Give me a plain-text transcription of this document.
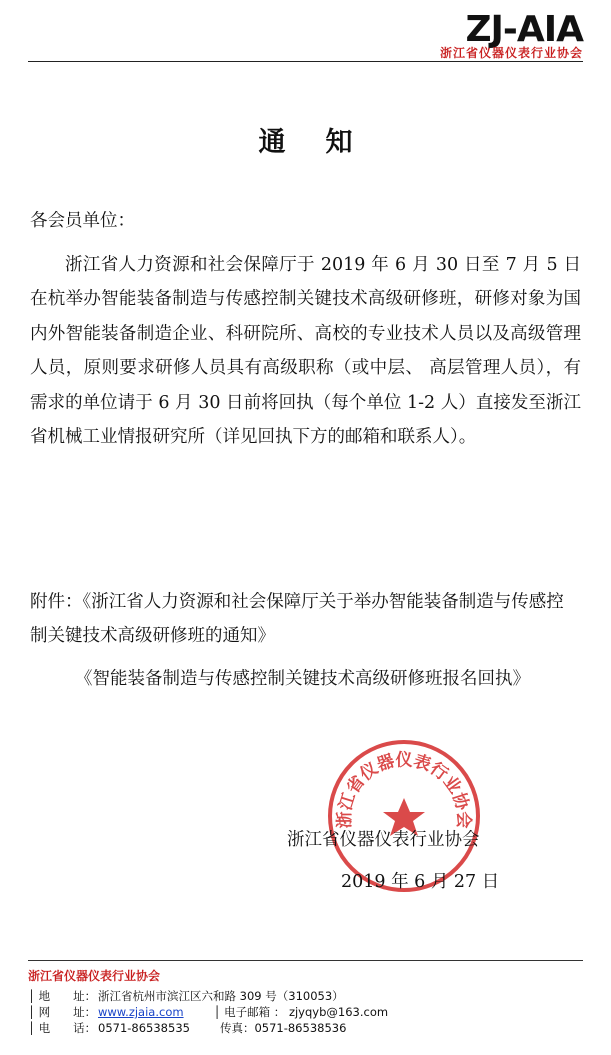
ZJ-AIA
浙江省仪器仪表行业协会
通知
各会员单位：

浙江省人力资源和社会保障厅于 2019 年 6 月 30 日至 7 月 5 日在杭举办智能装备制造与传感控制关键技术高级研修班，研修对象为国内外智能装备制造企业、科研院所、高校的专业技术人员以及高级管理人员，原则要求研修人员具有高级职称（或中层、 高层管理人员），有需求的单位请于 6 月 30 日前将回执（每个单位 1-2 人）直接发至浙江省机械工业情报研究所（详见回执下方的邮箱和联系人）。

附件：《浙江省人力资源和社会保障厅关于举办智能装备制造与传感控制关键技术高级研修班的通知》

《智能装备制造与传感控制关键技术高级研修班报名回执》

浙江省仪器仪表行业协会
浙江省仪器仪表行业协会
2019 年 6 月 27 日
浙江省仪器仪表行业协会
│ 地　　址： 浙江省杭州市滨江区六和路 309 号（310053）
│ 网　　址： www.zjaia.com	│ 电子邮箱 ： zjyqyb@163.com
│ 电　　话： 0571-86538535	传真：0571-86538536
